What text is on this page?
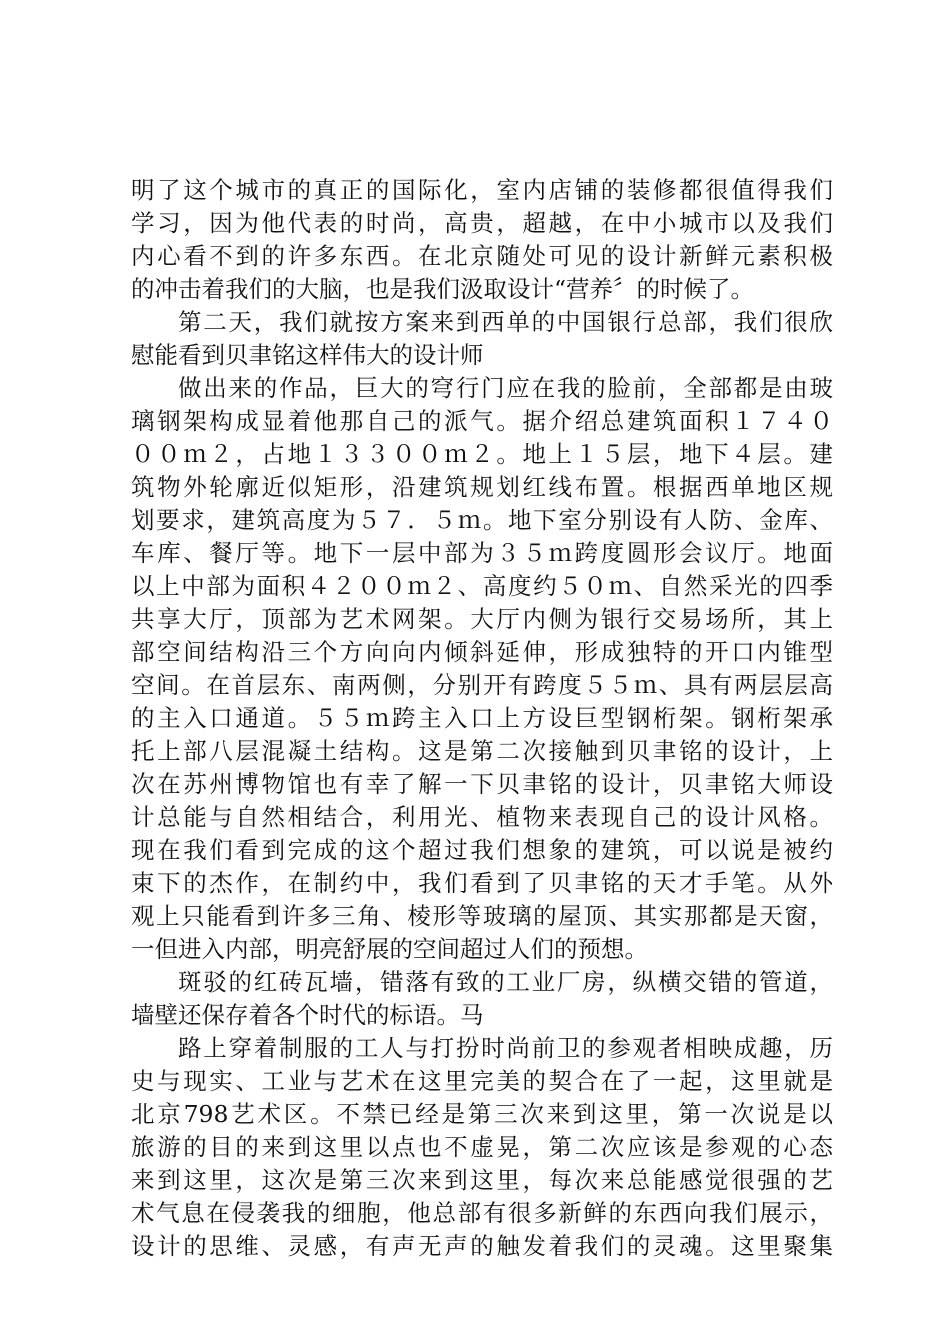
明了这个城市的真正的国际化，室内店铺的装修都很值得我们
学习，因为他代表的时尚，高贵，超越，在中小城市以及我们
内心看不到的许多东西。在北京随处可见的设计新鲜元素积极
的冲击着我们的大脑，也是我们汲取设计“营养〞的时候了。
第二天，我们就按方案来到西单的中国银行总部，我们很欣
慰能看到贝聿铭这样伟大的设计师
做出来的作品，巨大的穹行门应在我的脸前，全部都是由玻
璃钢架构成显着他那自己的派气。据介绍总建筑面积１７４０
００ｍ２，占地１３３００ｍ２。地上１５层，地下４层。建
筑物外轮廓近似矩形，沿建筑规划红线布置。根据西单地区规
划要求，建筑高度为５７．５ｍ。地下室分别设有人防、金库、
车库、餐厅等。地下一层中部为３５ｍ跨度圆形会议厅。地面
以上中部为面积４２００ｍ２、高度约５０ｍ、自然采光的四季
共享大厅，顶部为艺术网架。大厅内侧为银行交易场所，其上
部空间结构沿三个方向向内倾斜延伸，形成独特的开口内锥型
空间。在首层东、南两侧，分别开有跨度５５ｍ、具有两层层高
的主入口通道。５５ｍ跨主入口上方设巨型钢桁架。钢桁架承
托上部八层混凝土结构。这是第二次接触到贝聿铭的设计，上
次在苏州博物馆也有幸了解一下贝聿铭的设计，贝聿铭大师设
计总能与自然相结合，利用光、植物来表现自己的设计风格。
现在我们看到完成的这个超过我们想象的建筑，可以说是被约
束下的杰作，在制约中，我们看到了贝聿铭的天才手笔。从外
观上只能看到许多三角、棱形等玻璃的屋顶、其实那都是天窗，
一但进入内部，明亮舒展的空间超过人们的预想。
斑驳的红砖瓦墙，错落有致的工业厂房，纵横交错的管道，
墙壁还保存着各个时代的标语。马
路上穿着制服的工人与打扮时尚前卫的参观者相映成趣，历
史与现实、工业与艺术在这里完美的契合在了一起，这里就是
北京798艺术区。不禁已经是第三次来到这里，第一次说是以
旅游的目的来到这里以点也不虚晃，第二次应该是参观的心态
来到这里，这次是第三次来到这里，每次来总能感觉很强的艺
术气息在侵袭我的细胞，他总部有很多新鲜的东西向我们展示，
设计的思维、灵感，有声无声的触发着我们的灵魂。这里聚集
